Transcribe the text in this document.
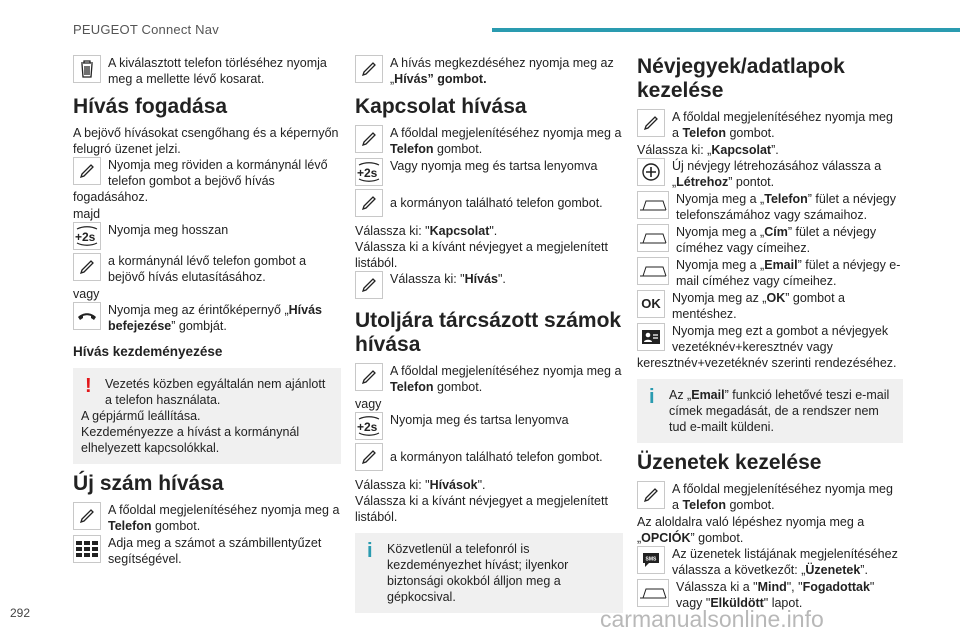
PEUGEOT Connect Nav

A kiválasztott telefon törléséhez nyomja meg a mellette lévő kosarat.

Hívás fogadása

A bejövő hívásokat csengőhang és a képernyőn felugró üzenet jelzi.

Nyomja meg röviden a kormánynál lévő telefon gombot a bejövő hívás fogadásához.

majd

+2s	Nyomja meg hosszan

a kormánynál lévő telefon gombot a bejövő hívás elutasításához.

vagy

Nyomja meg az érintőképernyő „Hívás befejezése” gombját.

Hívás kezdeményezése
!	Vezetés közben egyáltalán nem ajánlott a telefon használata.

A gépjármű leállítása.

Kezdeményezze a hívást a kormánynál elhelyezett kapcsolókkal.

Új szám hívása

A főoldal megjelenítéséhez nyomja meg a Telefon gombot.

Adja meg a számot a számbillentyűzet segítségével.

A hívás megkezdéséhez nyomja meg az „Hívás” gombot.

Kapcsolat hívása

A főoldal megjelenítéséhez nyomja meg a Telefon gombot.

+2s	Vagy nyomja meg és tartsa lenyomva

a kormányon található telefon gombot.

Válassza ki: "Kapcsolat".

Válassza ki a kívánt névjegyet a megjelenített listából.

Válassza ki: "Hívás".

Utoljára tárcsázott számok hívása

A főoldal megjelenítéséhez nyomja meg a Telefon gombot.

vagy

+2s	Nyomja meg és tartsa lenyomva

a kormányon található telefon gombot.

Válassza ki: "Hívások".

Válassza ki a kívánt névjegyet a megjelenített listából.

i	Közvetlenül a telefonról is kezdeményezhet hívást; ilyenkor biztonsági okokból álljon meg a gépkocsival.
Névjegyek/adatlapok kezelése

A főoldal megjelenítéséhez nyomja meg a Telefon gombot.

Válassza ki: „Kapcsolat”.

Új névjegy létrehozásához válassza a „Létrehoz” pontot.

Nyomja meg a „Telefon” fület a névjegy telefonszámához vagy számaihoz.

Nyomja meg a „Cím” fület a névjegy címéhez vagy címeihez.

Nyomja meg a „Email” fület a névjegy e-mail címéhez vagy címeihez.

OK Nyomja meg az „OK” gombot a mentéshez.

Nyomja meg ezt a gombot a névjegyek vezetéknév+keresztnév vagy keresztnév+vezetéknév szerinti rendezéséhez.

i	Az „Email” funkció lehetővé teszi e-mail címek megadását, de a rendszer nem tud e-mailt küldeni.
Üzenetek kezelése

A főoldal megjelenítéséhez nyomja meg a Telefon gombot.

Az aloldalra való lépéshez nyomja meg a „OPCIÓK” gombot.

SMS	Az üzenetek listájának megjelenítéséhez válassza a következőt: „Üzenetek”.

Válassza ki a "Mind", "Fogadottak" vagy "Elküldött" lapot.

292	carmanualsonline.info
